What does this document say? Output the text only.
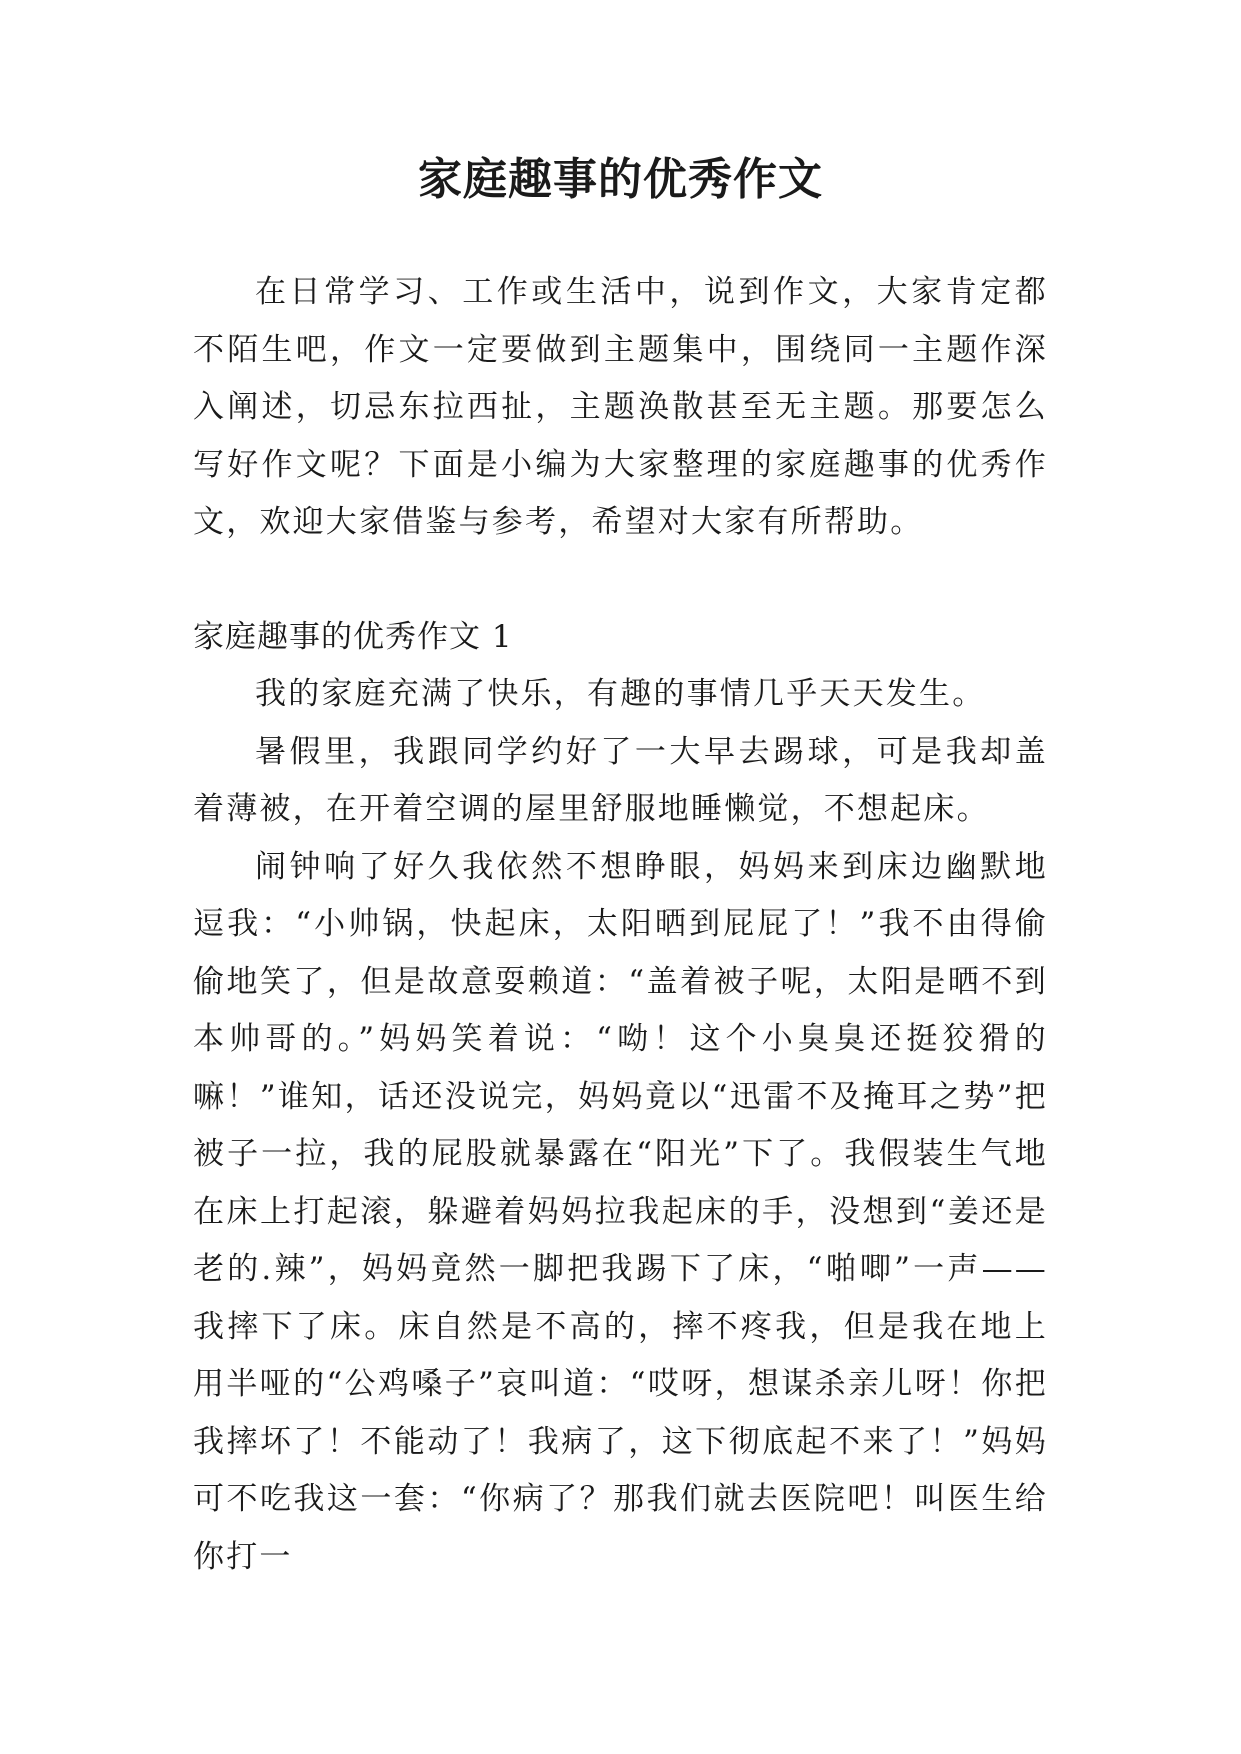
家庭趣事的优秀作文

在日常学习、工作或生活中，说到作文，大家肯定都不陌生吧，作文一定要做到主题集中，围绕同一主题作深入阐述，切忌东拉西扯，主题涣散甚至无主题。那要怎么写好作文呢？下面是小编为大家整理的家庭趣事的优秀作文，欢迎大家借鉴与参考，希望对大家有所帮助。

家庭趣事的优秀作文 1

我的家庭充满了快乐，有趣的事情几乎天天发生。

暑假里，我跟同学约好了一大早去踢球，可是我却盖着薄被，在开着空调的屋里舒服地睡懒觉，不想起床。

闹钟响了好久我依然不想睁眼，妈妈来到床边幽默地逗我：“小帅锅，快起床，太阳晒到屁屁了！”我不由得偷偷地笑了，但是故意耍赖道：“盖着被子呢，太阳是晒不到本帅哥的。”妈妈笑着说：“呦！这个小臭臭还挺狡猾的嘛！”谁知，话还没说完，妈妈竟以“迅雷不及掩耳之势”把被子一拉，我的屁股就暴露在“阳光”下了。我假装生气地在床上打起滚，躲避着妈妈拉我起床的手，没想到“姜还是老的.辣”，妈妈竟然一脚把我踢下了床，“啪唧”一声——我摔下了床。床自然是不高的，摔不疼我，但是我在地上用半哑的“公鸡嗓子”哀叫道：“哎呀，想谋杀亲儿呀！你把我摔坏了！不能动了！我病了，这下彻底起不来了！”妈妈可不吃我这一套：“你病了？那我们就去医院吧！叫医生给你打一
